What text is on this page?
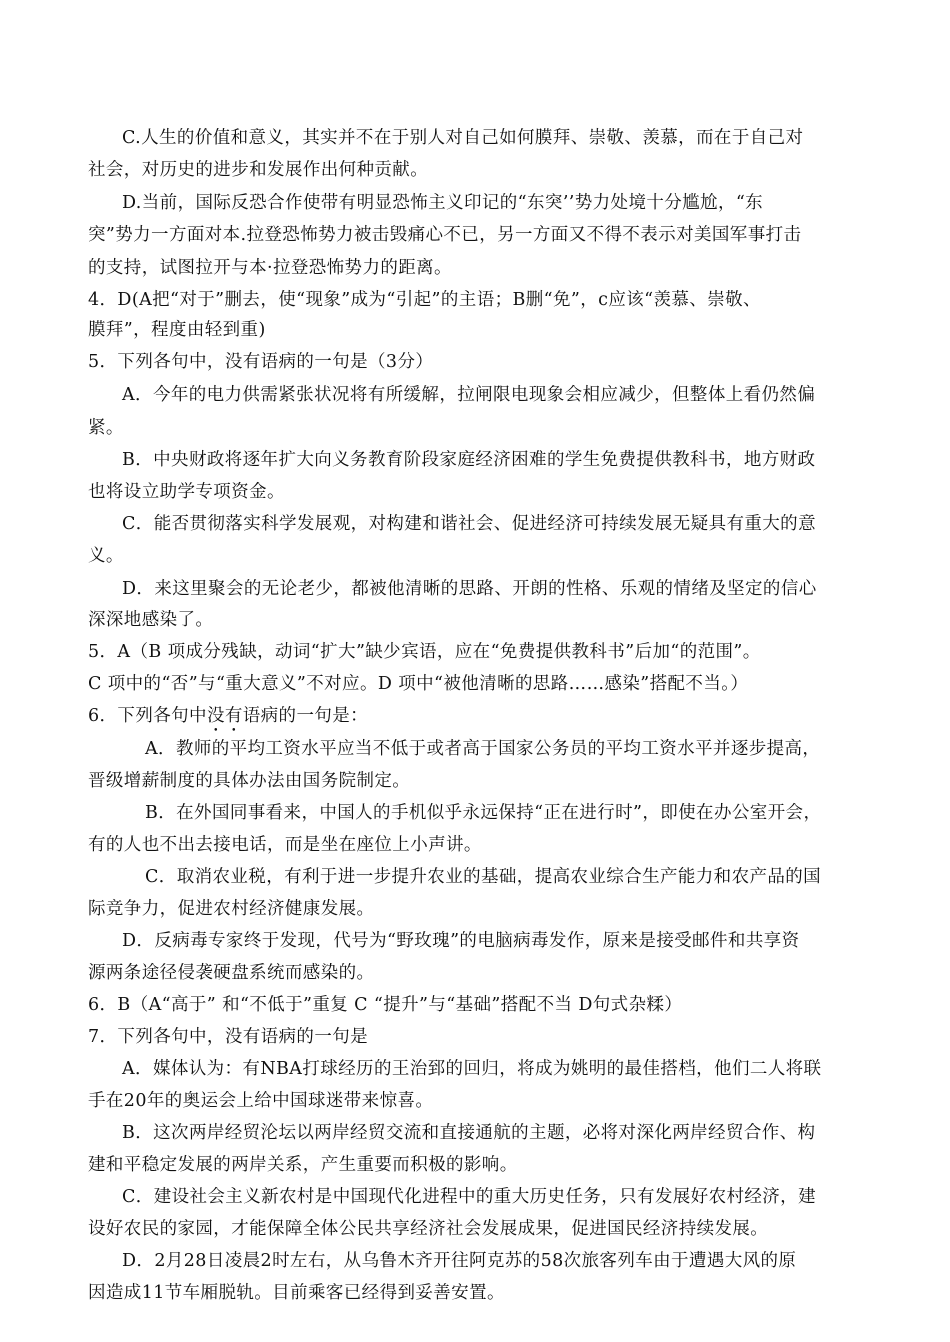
C.人生的价值和意义，其实并不在于别人对自己如何膜拜、崇敬、羡慕，而在于自己对
社会，对历史的进步和发展作出何种贡献。
D.当前，国际反恐合作使带有明显恐怖主义印记的“东突’’势力处境十分尴尬，“东
突”势力一方面对本.拉登恐怖势力被击毁痛心不已，另一方面又不得不表示对美国军事打击
的支持，试图拉开与本·拉登恐怖势力的距离。
4．D(A把“对于”删去，使“现象”成为“引起”的主语；B删“免”，c应该“羡慕、崇敬、
膜拜”，程度由轻到重)
5．下列各句中，没有语病的一句是（3分）
A．今年的电力供需紧张状况将有所缓解，拉闸限电现象会相应减少，但整体上看仍然偏
紧。
B．中央财政将逐年扩大向义务教育阶段家庭经济困难的学生免费提供教科书，地方财政
也将设立助学专项资金。
C．能否贯彻落实科学发展观，对构建和谐社会、促进经济可持续发展无疑具有重大的意
义。
D．来这里聚会的无论老少，都被他清晰的思路、开朗的性格、乐观的情绪及坚定的信心
深深地感染了。
5．A（B 项成分残缺，动词“扩大”缺少宾语，应在“免费提供教科书”后加“的范围”。
C 项中的“否”与“重大意义”不对应。D 项中“被他清晰的思路……感染”搭配不当。）
A．教师的平均工资水平应当不低于或者高于国家公务员的平均工资水平并逐步提高，
晋级增薪制度的具体办法由国务院制定。
B．在外国同事看来，中国人的手机似乎永远保持“正在进行时”，即使在办公室开会，
有的人也不出去接电话，而是坐在座位上小声讲。
C．取消农业税，有利于进一步提升农业的基础，提高农业综合生产能力和农产品的国
际竞争力，促进农村经济健康发展。
D．反病毒专家终于发现，代号为“野玫瑰”的电脑病毒发作，原来是接受邮件和共享资
源两条途径侵袭硬盘系统而感染的。
6．B（A“高于” 和“不低于”重复 C “提升”与“基础”搭配不当 D句式杂糅）
7．下列各句中，没有语病的一句是
A．媒体认为：有NBA打球经历的王治郅的回归，将成为姚明的最佳搭档，他们二人将联
手在20年的奥运会上给中国球迷带来惊喜。
B．这次两岸经贸沦坛以两岸经贸交流和直接通航的主题，必将对深化两岸经贸合作、构
建和平稳定发展的两岸关系，产生重要而积极的影响。
C．建设社会主义新农村是中国现代化进程中的重大历史任务，只有发展好农村经济，建
设好农民的家园，才能保障全体公民共享经济社会发展成果，促进国民经济持续发展。
D．2月28日凌晨2时左右，从乌鲁木齐开往阿克苏的58次旅客列车由于遭遇大风的原
因造成11节车厢脱轨。目前乘客已经得到妥善安置。
6．下列各句中没有语病的一句是：
